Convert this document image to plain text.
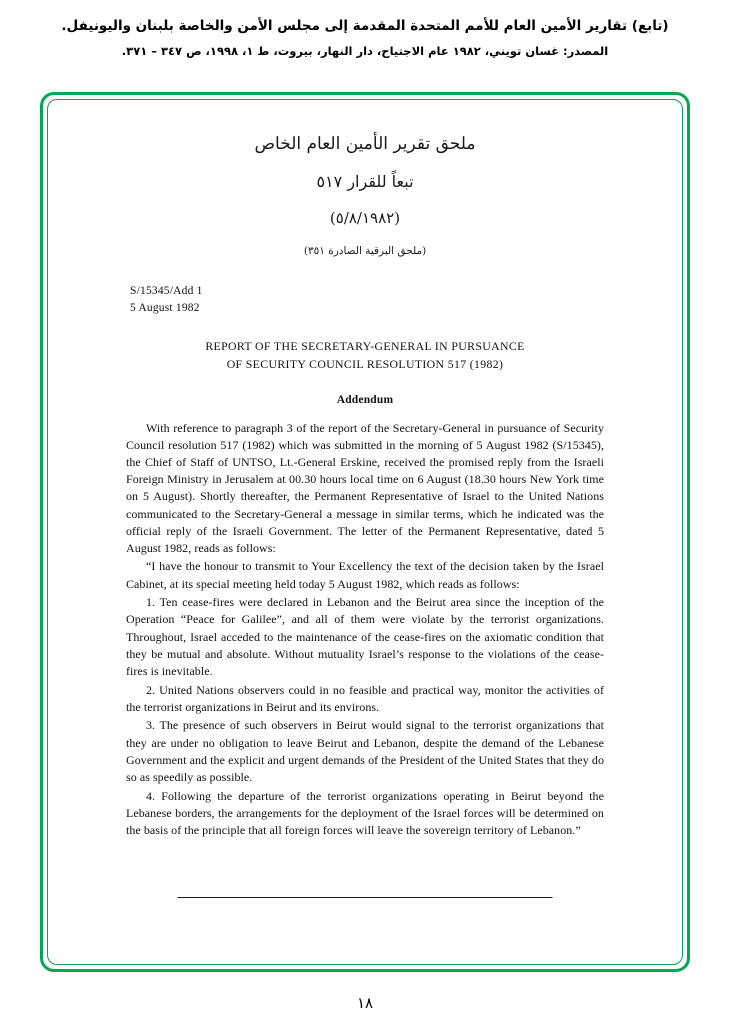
(تابع) تقارير الأمين العام للأمم المتحدة المقدمة إلى مجلس الأمن والخاصة بلبنان واليونيفل.
المصدر: غسان تويني، ١٩٨٢ عام الاجتياح، دار النهار، بيروت، ط ١، ١٩٩٨، ص ٣٤٧ – ٣٧١.
ملحق تقرير الأمين العام الخاص
تبعاً للقرار ٥١٧
(٥/٨/١٩٨٢)
(ملحق البرقية الصادرة ٣٥١)
S/15345/Add 1
5 August 1982
REPORT OF THE SECRETARY-GENERAL IN PURSUANCE
OF SECURITY COUNCIL RESOLUTION 517 (1982)
Addendum

With reference to paragraph 3 of the report of the Secretary-General in pursuance of Security Council resolution 517 (1982) which was submitted in the morning of 5 August 1982 (S/15345), the Chief of Staff of UNTSO, Lt.-General Erskine, received the promised reply from the Israeli Foreign Ministry in Jerusalem at 00.30 hours local time on 6 August (18.30 hours New York time on 5 August). Shortly thereafter, the Permanent Representative of Israel to the United Nations communicated to the Secretary-General a message in similar terms, which he indicated was the official reply of the Israeli Government. The letter of the Permanent Representative, dated 5 August 1982, reads as follows:

“I have the honour to transmit to Your Excellency the text of the decision taken by the Israel Cabinet, at its special meeting held today 5 August 1982, which reads as follows:

1. Ten cease-fires were declared in Lebanon and the Beirut area since the inception of the Operation “Peace for Galilee”, and all of them were violate by the terrorist organizations. Throughout, Israel acceded to the maintenance of the cease-fires on the axiomatic condition that they be mutual and absolute. Without mutuality Israel’s response to the violations of the cease-fires is inevitable.

2. United Nations observers could in no feasible and practical way, monitor the activities of the terrorist organizations in Beirut and its environs.

3. The presence of such observers in Beirut would signal to the terrorist organizations that they are under no obligation to leave Beirut and Lebanon, despite the demand of the Lebanese Government and the explicit and urgent demands of the President of the United States that they do so as speedily as possible.

4. Following the departure of the terrorist organizations operating in Beirut beyond the Lebanese borders, the arrangements for the deployment of the Israel forces will be determined on the basis of the principle that all foreign forces will leave the sovereign territory of Lebanon.”

١٨
